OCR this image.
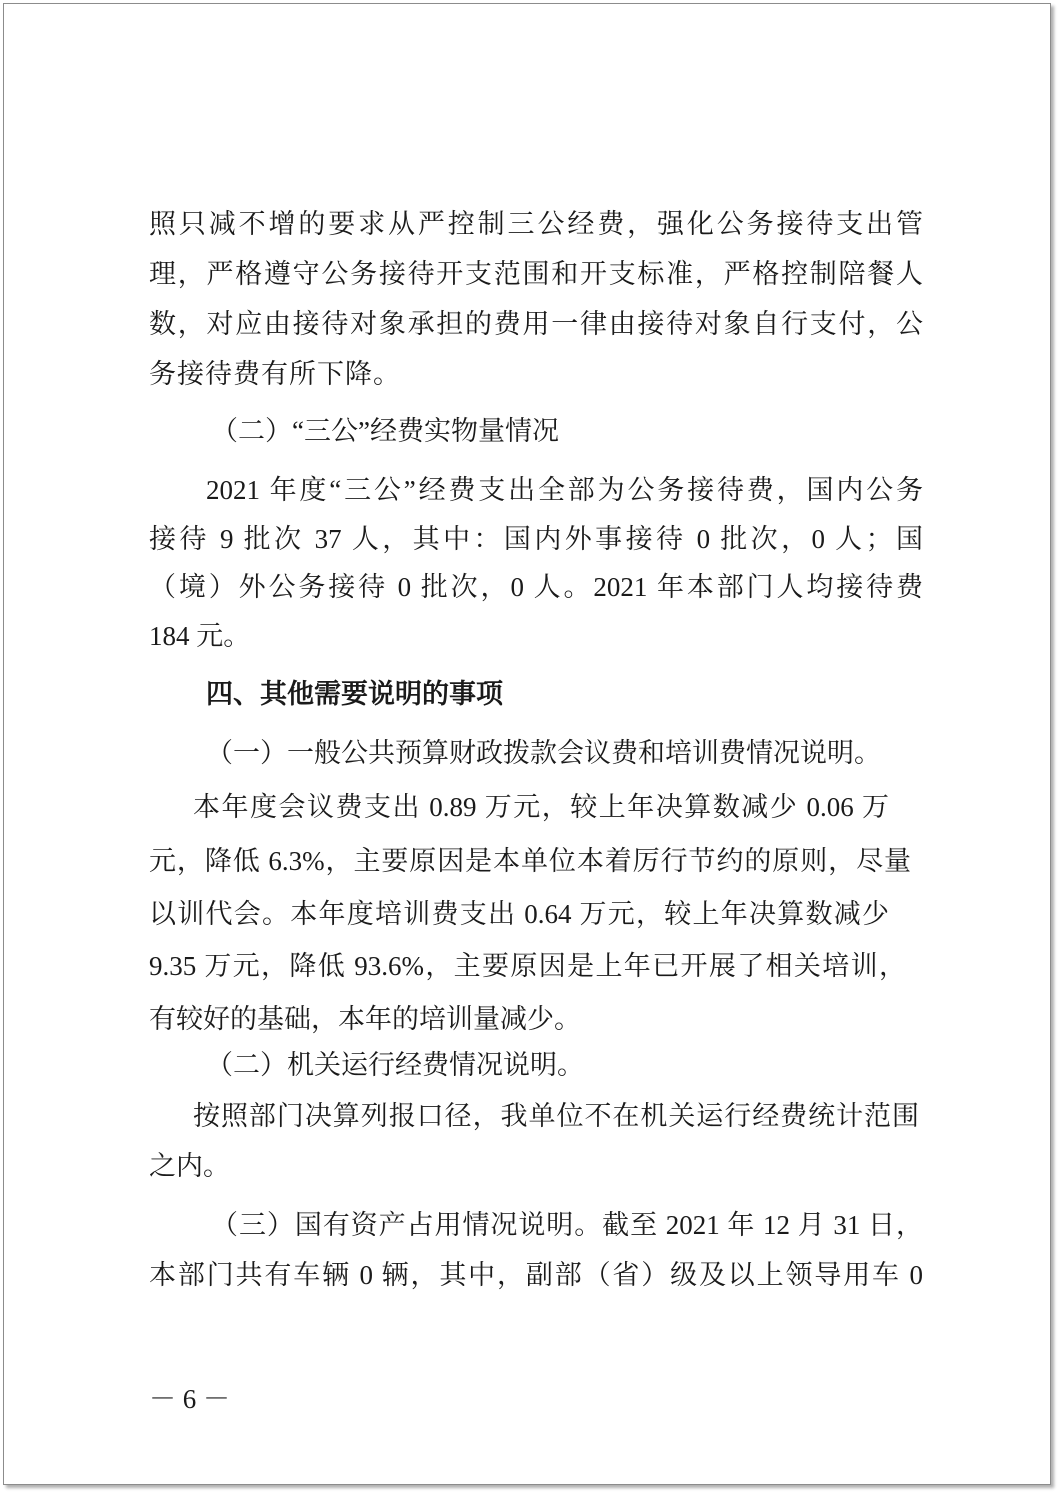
照只减不增的要求从严控制三公经费，强化公务接待支出管
理，严格遵守公务接待开支范围和开支标准，严格控制陪餐人
数，对应由接待对象承担的费用一律由接待对象自行支付，公
务接待费有所下降。
（二）“三公”经费实物量情况
2021 年度“三公”经费支出全部为公务接待费，国内公务
接待 9 批次 37 人，其中：国内外事接待 0 批次，0 人；国
（境）外公务接待 0 批次，0 人。2021 年本部门人均接待费
184 元。
四、其他需要说明的事项
（一）一般公共预算财政拨款会议费和培训费情况说明。
本年度会议费支出 0.89 万元，较上年决算数减少 0.06 万
元，降低 6.3%，主要原因是本单位本着厉行节约的原则，尽量
以训代会。本年度培训费支出 0.64 万元，较上年决算数减少
9.35 万元，降低 93.6%，主要原因是上年已开展了相关培训，
有较好的基础，本年的培训量减少。
（二）机关运行经费情况说明。
按照部门决算列报口径，我单位不在机关运行经费统计范围
之内。
（三）国有资产占用情况说明。截至 2021 年 12 月 31 日，
本部门共有车辆 0 辆，其中，副部（省）级及以上领导用车 0
－ 6 －
